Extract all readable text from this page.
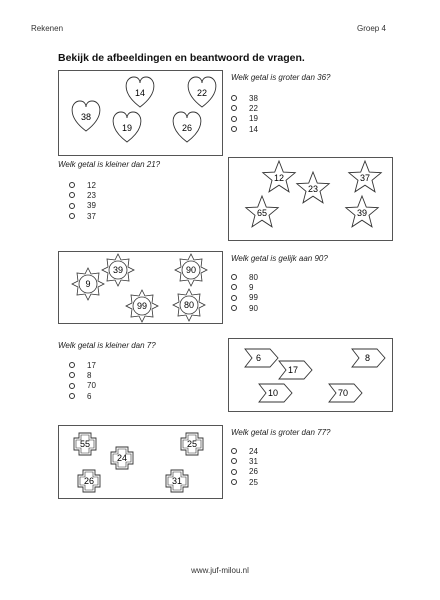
Rekenen	Groep 4
Bekijk de afbeeldingen en beantwoord de vragen.
38
14	22
19	26
Welk getal is groter dan 36?
38
22
19
14
Welk getal is kleiner dan 21?
12
23
39
37
12
23
37
65	39
9
39	90
99	80
Welk getal is gelijk aan 90?
80
9
99
90
Welk getal is kleiner dan 7?
17
8
70
6
6
17
8
10	70
55
24
25
26	31
Welk getal is groter dan 77?
24
31
26
25
www.juf-milou.nl
